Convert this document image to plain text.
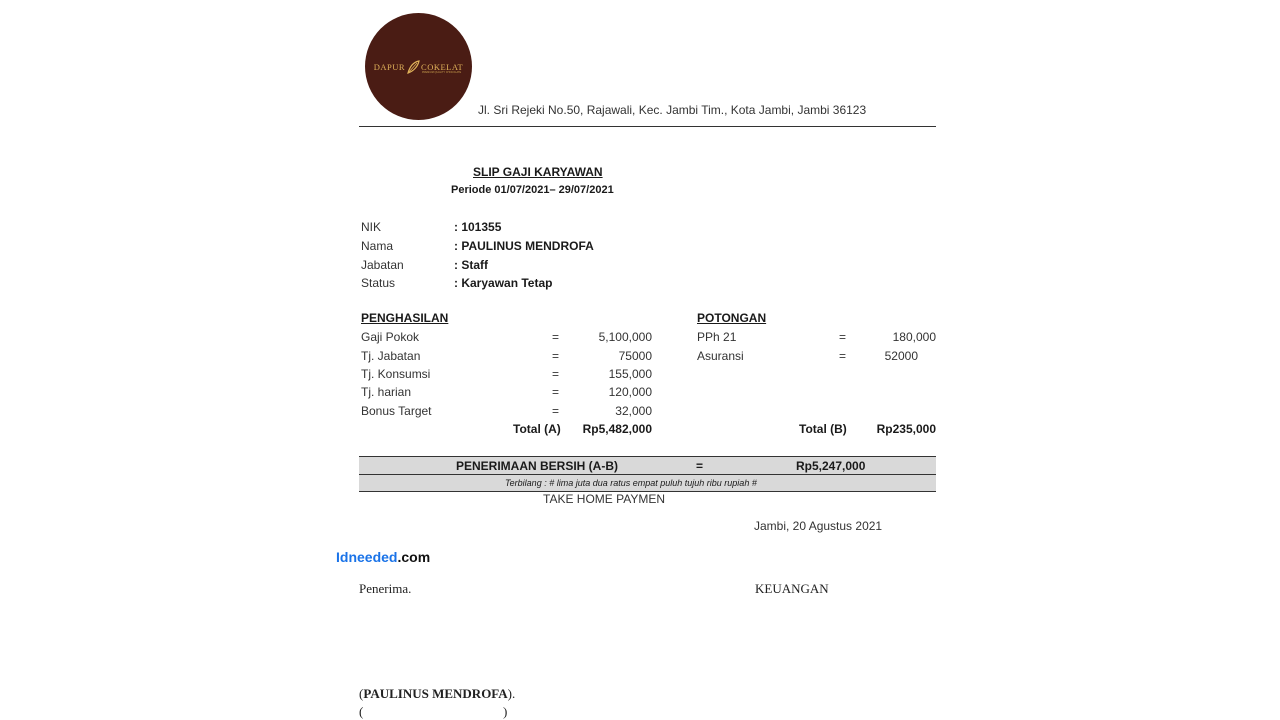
DAPUR COKELAT
PREMIUM QUALITY CHOCOLATE
Jl. Sri Rejeki No.50, Rajawali, Kec. Jambi Tim., Kota Jambi, Jambi 36123
SLIP GAJI KARYAWAN
Periode 01/07/2021– 29/07/2021
NIK	: 101355
Nama	: PAULINUS MENDROFA
Jabatan	: Staff
Status	: Karyawan Tetap
PENGHASILAN
Gaji Pokok	=	5,100,000
Tj. Jabatan	=	75000
Tj. Konsumsi	=	155,000
Tj. harian	=	120,000
Bonus Target	=	32,000
Total (A) Rp5,482,000
POTONGAN
PPh 21	=	180,000
Asuransi	=	52000
Total (B) Rp235,000
PENERIMAAN BERSIH (A-B)	=	Rp5,247,000
Terbilang : # lima juta dua ratus empat puluh tujuh ribu rupiah #
TAKE HOME PAYMEN
Jambi, 20 Agustus 2021
Idneeded.com
Penerima.	KEUANGAN
(PAULINUS MENDROFA).
(	)
